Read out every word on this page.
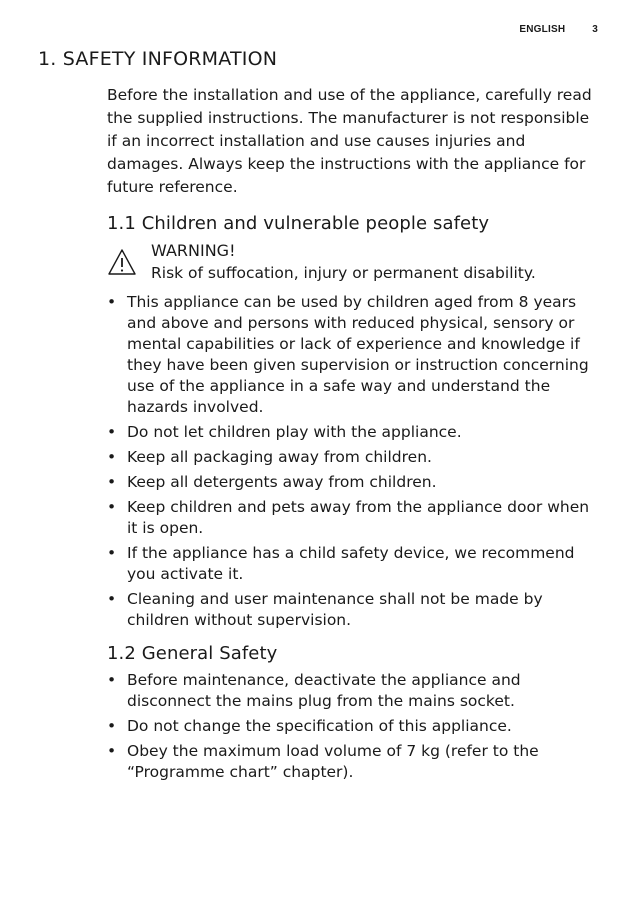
ENGLISH	3
1. SAFETY INFORMATION

Before the installation and use of the appliance, carefully read the supplied instructions. The manufacturer is not responsible if an incorrect installation and use causes injuries and damages. Always keep the instructions with the appliance for future reference.

1.1 Children and vulnerable people safety
WARNING!
Risk of suffocation, injury or permanent disability.
• This appliance can be used by children aged from 8 years and above and persons with reduced physical, sensory or mental capabilities or lack of experience and knowledge if they have been given supervision or instruction concerning use of the appliance in a safe way and understand the hazards involved.
• Do not let children play with the appliance.
• Keep all packaging away from children.
• Keep all detergents away from children.
• Keep children and pets away from the appliance door when it is open.
• If the appliance has a child safety device, we recommend you activate it.
• Cleaning and user maintenance shall not be made by children without supervision.
1.2 General Safety
• Before maintenance, deactivate the appliance and disconnect the mains plug from the mains socket.
• Do not change the specification of this appliance.
• Obey the maximum load volume of 7 kg (refer to the “Programme chart” chapter).
